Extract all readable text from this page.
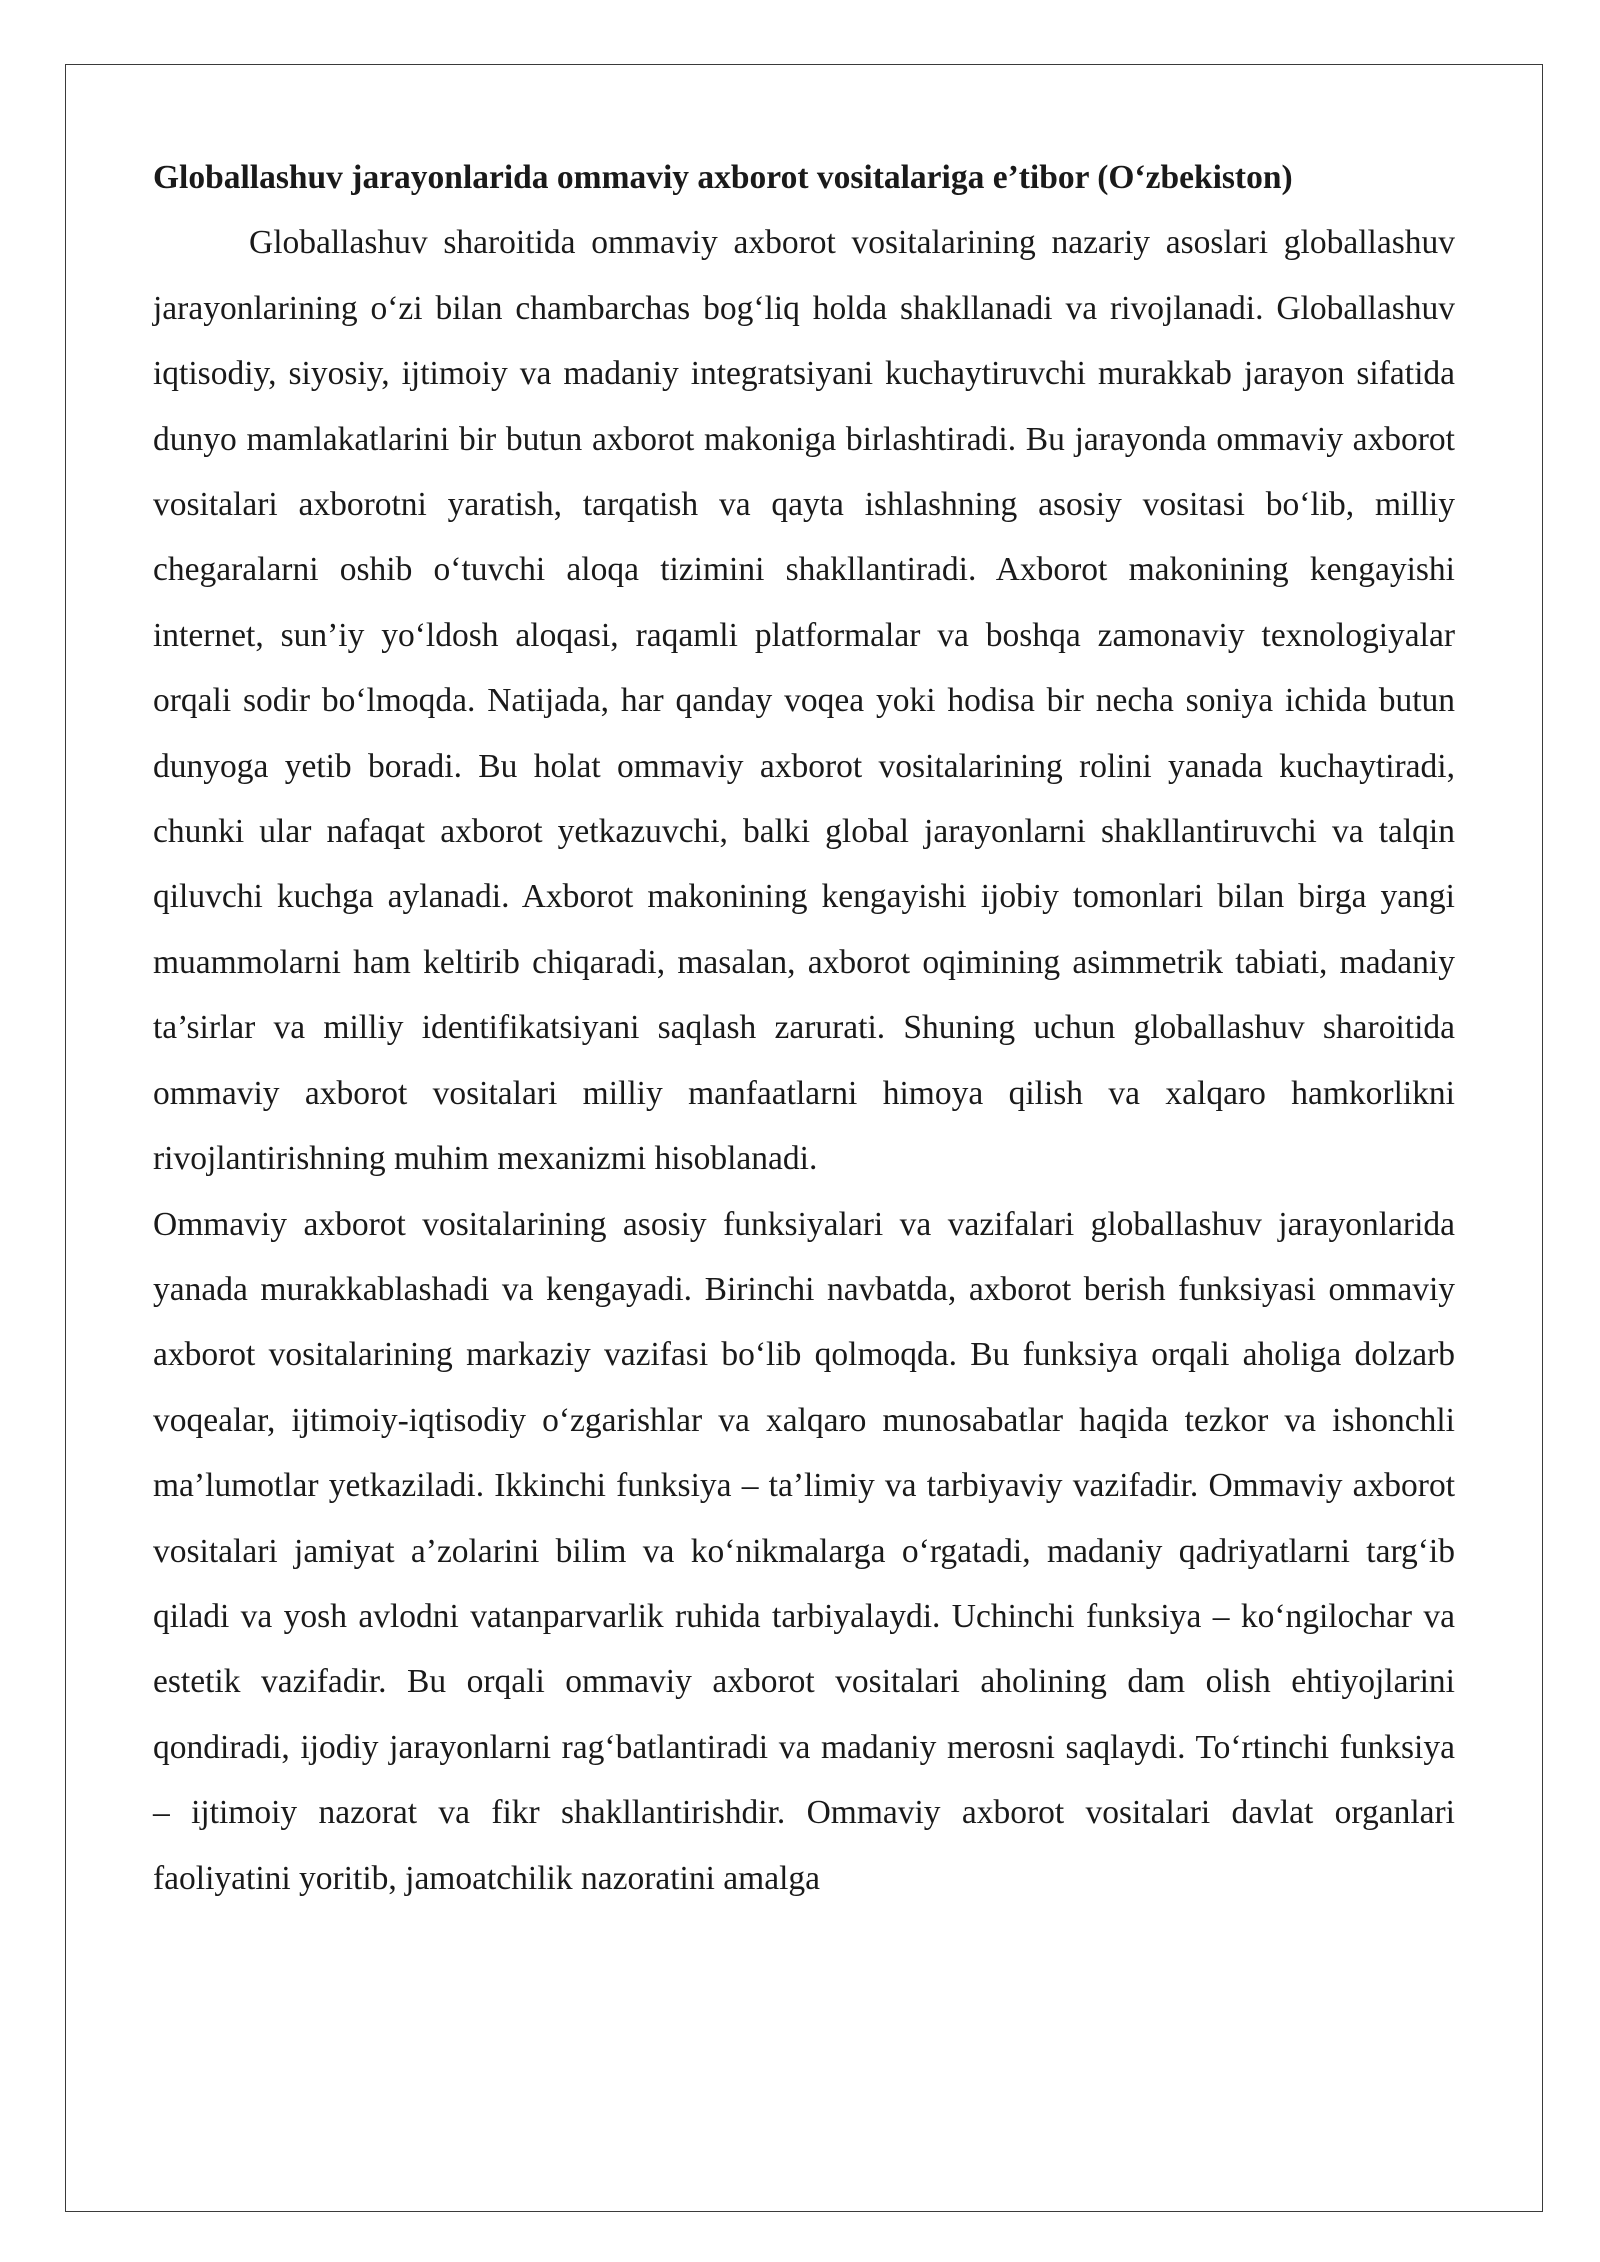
Globallashuv jarayonlarida ommaviy axborot vositalariga e’tibor (O‘zbekiston)

Globallashuv sharoitida ommaviy axborot vositalarining nazariy asoslari globallashuv jarayonlarining o‘zi bilan chambarchas bog‘liq holda shakllanadi va rivojlanadi. Globallashuv iqtisodiy, siyosiy, ijtimoiy va madaniy integratsiyani kuchaytiruvchi murakkab jarayon sifatida dunyo mamlakatlarini bir butun axborot makoniga birlashtiradi. Bu jarayonda ommaviy axborot vositalari axborotni yaratish, tarqatish va qayta ishlashning asosiy vositasi bo‘lib, milliy chegaralarni oshib o‘tuvchi aloqa tizimini shakllantiradi. Axborot makonining kengayishi internet, sun’iy yo‘ldosh aloqasi, raqamli platformalar va boshqa zamonaviy texnologiyalar orqali sodir bo‘lmoqda. Natijada, har qanday voqea yoki hodisa bir necha soniya ichida butun dunyoga yetib boradi. Bu holat ommaviy axborot vositalarining rolini yanada kuchaytiradi, chunki ular nafaqat axborot yetkazuvchi, balki global jarayonlarni shakllantiruvchi va talqin qiluvchi kuchga aylanadi. Axborot makonining kengayishi ijobiy tomonlari bilan birga yangi muammolarni ham keltirib chiqaradi, masalan, axborot oqimining asimmetrik tabiati, madaniy ta’sirlar va milliy identifikatsiyani saqlash zarurati. Shuning uchun globallashuv sharoitida ommaviy axborot vositalari milliy manfaatlarni himoya qilish va xalqaro hamkorlikni rivojlantirishning muhim mexanizmi hisoblanadi.

Ommaviy axborot vositalarining asosiy funksiyalari va vazifalari globallashuv jarayonlarida yanada murakkablashadi va kengayadi. Birinchi navbatda, axborot berish funksiyasi ommaviy axborot vositalarining markaziy vazifasi bo‘lib qolmoqda. Bu funksiya orqali aholiga dolzarb voqealar, ijtimoiy-iqtisodiy o‘zgarishlar va xalqaro munosabatlar haqida tezkor va ishonchli ma’lumotlar yetkaziladi. Ikkinchi funksiya – ta’limiy va tarbiyaviy vazifadir. Ommaviy axborot vositalari jamiyat a’zolarini bilim va ko‘nikmalarga o‘rgatadi, madaniy qadriyatlarni targ‘ib qiladi va yosh avlodni vatanparvarlik ruhida tarbiyalaydi. Uchinchi funksiya – ko‘ngilochar va estetik vazifadir. Bu orqali ommaviy axborot vositalari aholining dam olish ehtiyojlarini qondiradi, ijodiy jarayonlarni rag‘batlantiradi va madaniy merosni saqlaydi. To‘rtinchi funksiya – ijtimoiy nazorat va fikr shakllantirishdir. Ommaviy axborot vositalari davlat organlari faoliyatini yoritib, jamoatchilik nazoratini amalga
